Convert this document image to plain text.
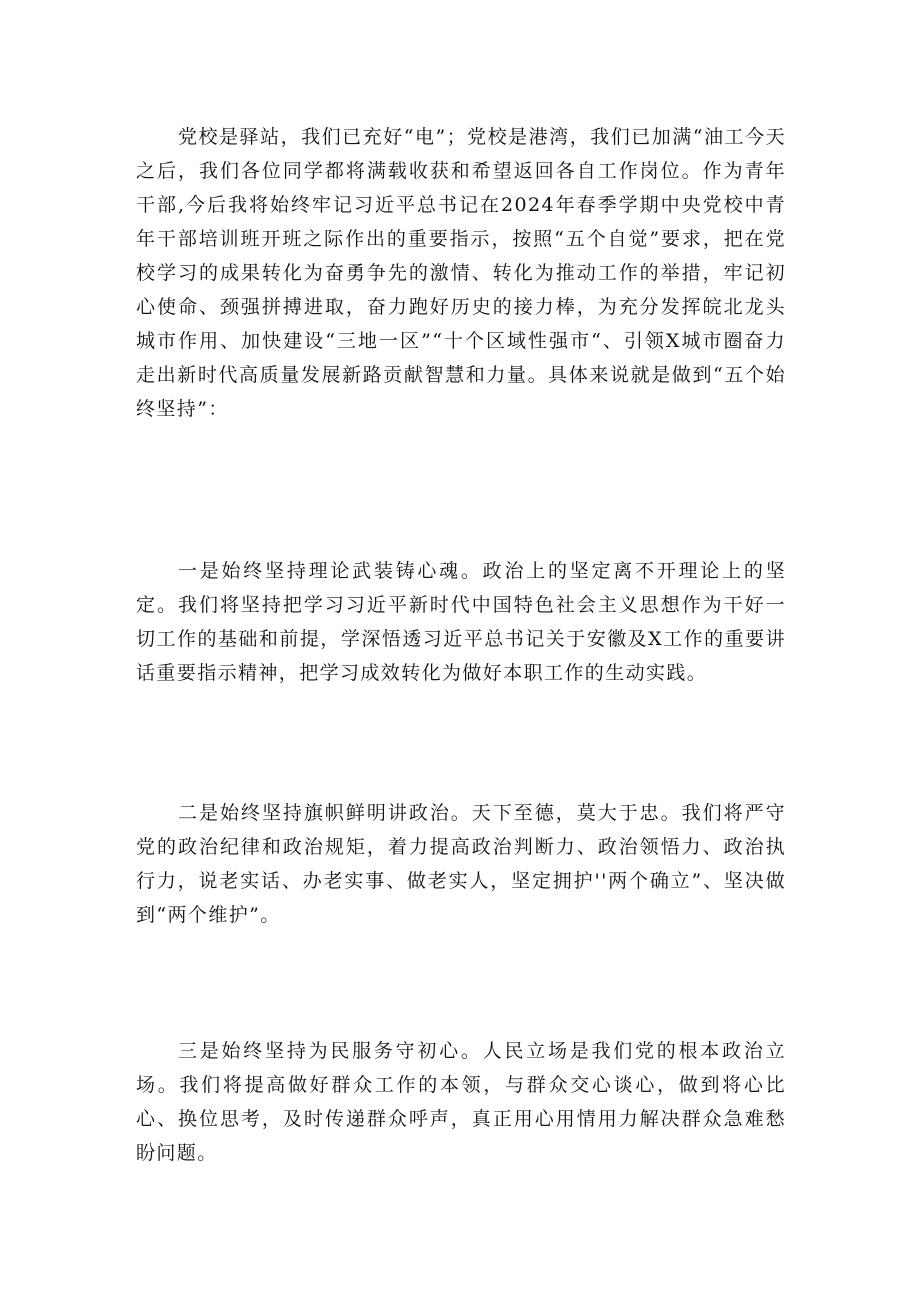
党校是驿站，我们已充好“电”；党校是港湾，我们已加满“油工今天之后，我们各位同学都将满载收获和希望返回各自工作岗位。作为青年干部,今后我将始终牢记习近平总书记在2024年春季学期中央党校中青年干部培训班开班之际作出的重要指示，按照“五个自觉”要求，把在党校学习的成果转化为奋勇争先的激情、转化为推动工作的举措，牢记初心使命、颈强拼搏进取，奋力跑好历史的接力棒，为充分发挥皖北龙头城市作用、加快建设“三地一区”“十个区域性强市“、引领X城市圈奋力走出新时代高质量发展新路贡献智慧和力量。具体来说就是做到“五个始终坚持”：

一是始终坚持理论武装铸心魂。政治上的坚定离不开理论上的坚定。我们将坚持把学习习近平新时代中国特色社会主义思想作为干好一切工作的基础和前提，学深悟透习近平总书记关于安徽及X工作的重要讲话重要指示精神，把学习成效转化为做好本职工作的生动实践。

二是始终坚持旗帜鲜明讲政治。天下至德，莫大于忠。我们将严守党的政治纪律和政治规矩，着力提高政治判断力、政治领悟力、政治执行力，说老实话、办老实事、做老实人，坚定拥护''两个确立”、坚决做到“两个维护”。

三是始终坚持为民服务守初心。人民立场是我们党的根本政治立场。我们将提高做好群众工作的本领，与群众交心谈心，做到将心比心、换位思考，及时传递群众呼声，真正用心用情用力解决群众急难愁盼问题。
